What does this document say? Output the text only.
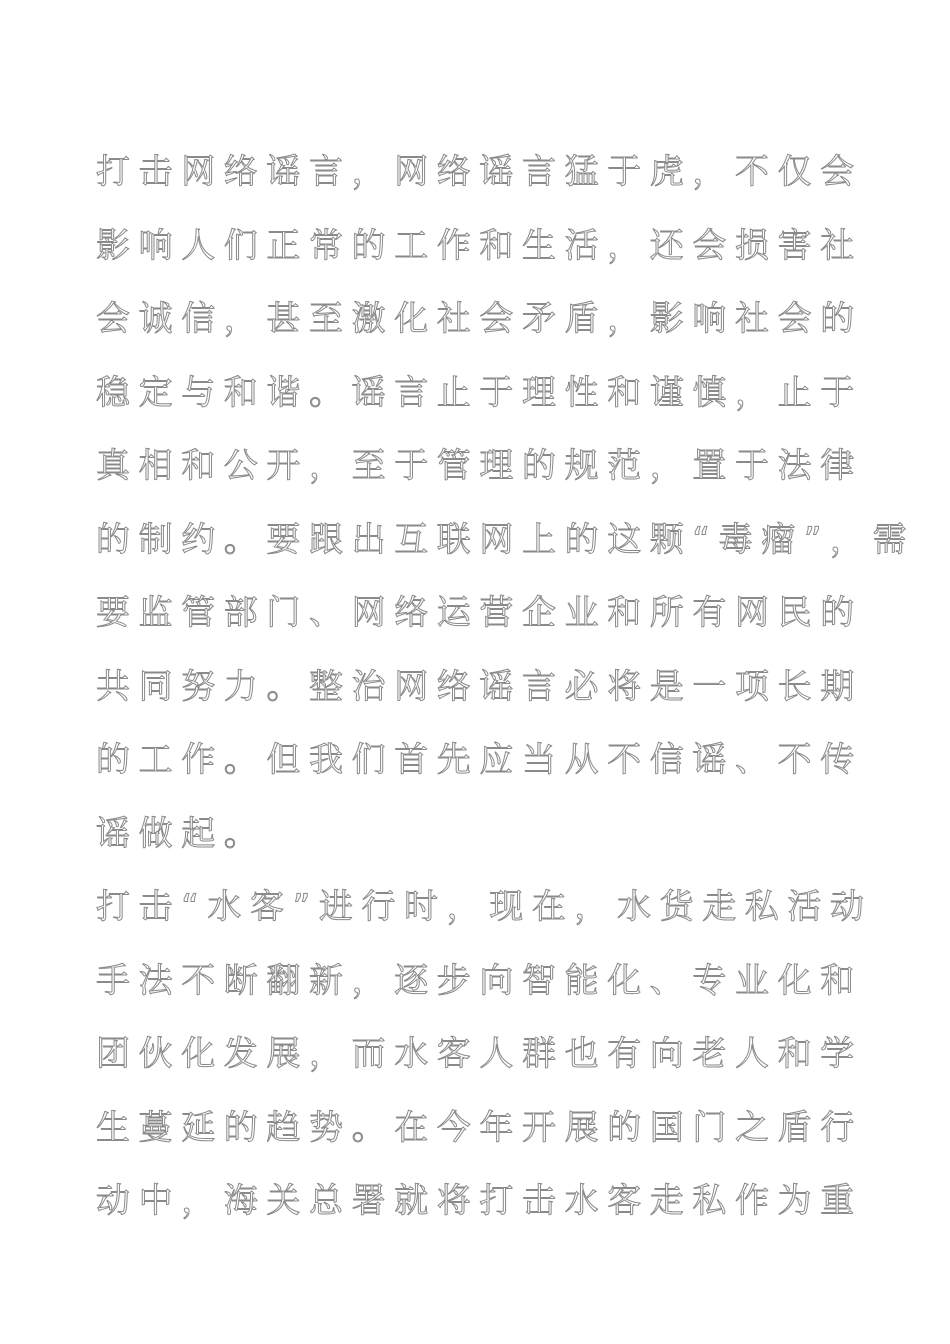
打击网络谣言，网络谣言猛于虎，不仅会
影响人们正常的工作和生活，还会损害社
会诚信，甚至激化社会矛盾，影响社会的
稳定与和谐。谣言止于理性和谨慎，止于
真相和公开，至于管理的规范，置于法律
的制约。要跟出互联网上的这颗“毒瘤”，需
要监管部门、网络运营企业和所有网民的
共同努力。整治网络谣言必将是一项长期
的工作。但我们首先应当从不信谣、不传
谣做起。
打击“水客”进行时，现在，水货走私活动
手法不断翻新，逐步向智能化、专业化和
团伙化发展，而水客人群也有向老人和学
生蔓延的趋势。在今年开展的国门之盾行
动中，海关总署就将打击水客走私作为重
